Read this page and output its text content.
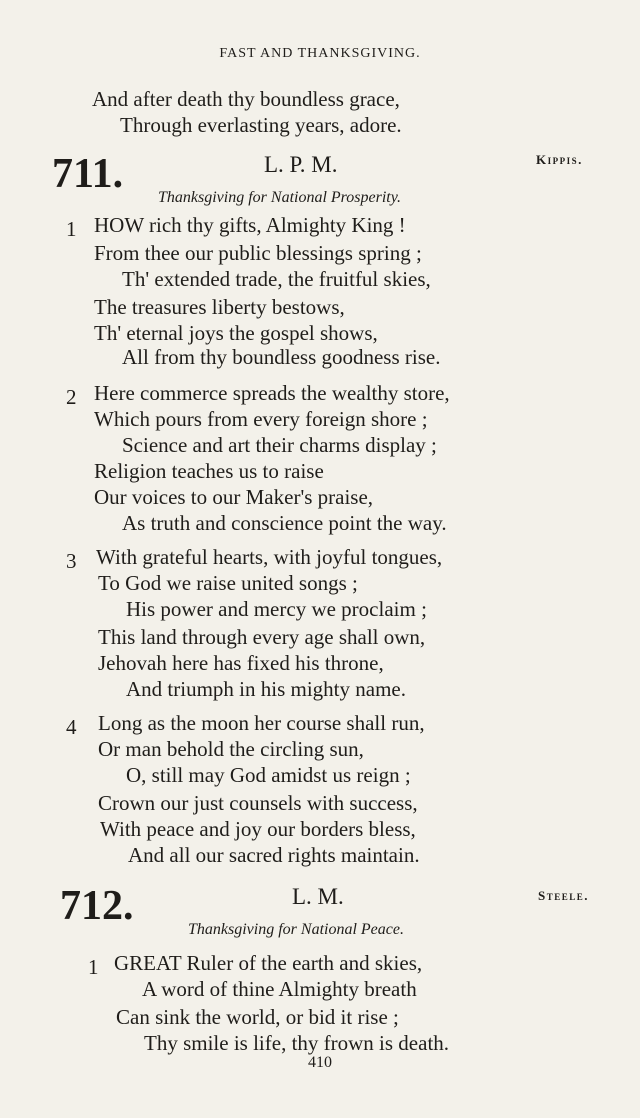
FAST AND THANKSGIVING.
And after death thy boundless grace,
Through everlasting years, adore.
711.	L. P. M.	Kippis.
Thanksgiving for National Prosperity.
1 HOW rich thy gifts, Almighty King !
From thee our public blessings spring ;
Th' extended trade, the fruitful skies,
The treasures liberty bestows,
Th' eternal joys the gospel shows,
All from thy boundless goodness rise.
2 Here commerce spreads the wealthy store,
Which pours from every foreign shore ;
Science and art their charms display ;
Religion teaches us to raise
Our voices to our Maker's praise,
As truth and conscience point the way.
3 With grateful hearts, with joyful tongues,
To God we raise united songs ;
His power and mercy we proclaim ;
This land through every age shall own,
Jehovah here has fixed his throne,
And triumph in his mighty name.
4 Long as the moon her course shall run,
Or man behold the circling sun,
O, still may God amidst us reign ;
Crown our just counsels with success,
With peace and joy our borders bless,
And all our sacred rights maintain.
712.	L. M.	Steele.
Thanksgiving for National Peace.
1 GREAT Ruler of the earth and skies,
A word of thine Almighty breath
Can sink the world, or bid it rise ;
Thy smile is life, thy frown is death.
410
